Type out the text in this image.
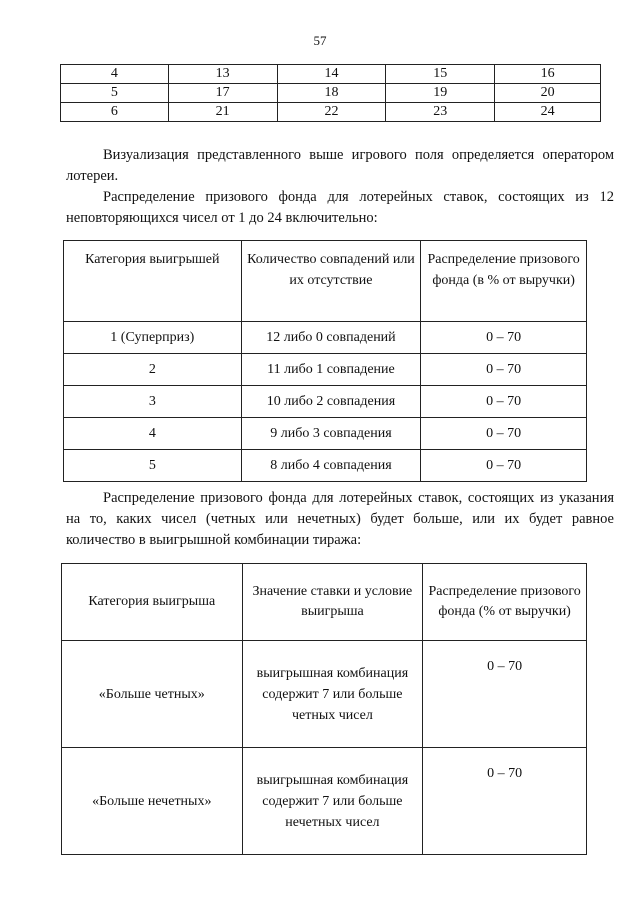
57
4	13	14	15	16
5	17	18	19	20
6	21	22	23	24

Визуализация представленного выше игрового поля определяется оператором лотереи.

Распределение призового фонда для лотерейных ставок, состоящих из 12 неповторяющихся чисел от 1 до 24 включительно:

Категория выигрышей	Количество совпадений или их отсутствие	Распределение призового фонда (в % от выручки)
1 (Суперприз)	12 либо 0 совпадений	0 – 70
2	11 либо 1 совпадение	0 – 70
3	10 либо 2 совпадения	0 – 70
4	9 либо 3 совпадения	0 – 70
5	8 либо 4 совпадения	0 – 70

Распределение призового фонда для лотерейных ставок, состоящих из указания на то, каких чисел (четных или нечетных) будет больше, или их будет равное количество в выигрышной комбинации тиража:

Категория выигрыша	Значение ставки и условие выигрыша	Распределение призового фонда (% от выручки)
«Больше четных»	выигрышная комбинация содержит 7 или больше четных чисел	0 – 70
«Больше нечетных»	выигрышная комбинация содержит 7 или больше нечетных чисел	0 – 70
